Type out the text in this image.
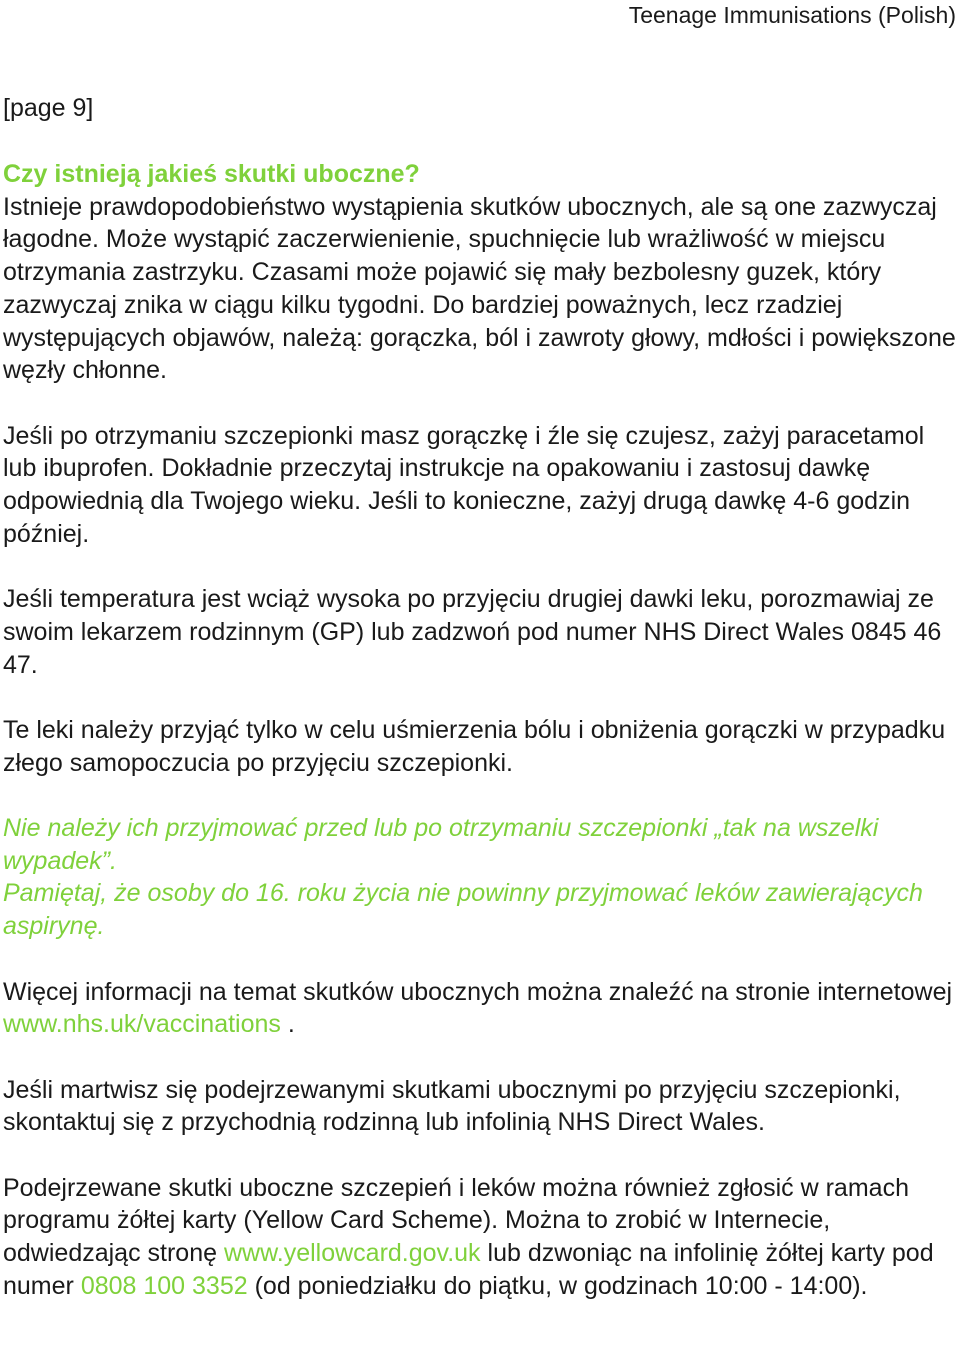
Teenage Immunisations (Polish)
[page 9]

Czy istnieją jakieś skutki uboczne?
Istnieje prawdopodobieństwo wystąpienia skutków ubocznych, ale są one zazwyczaj łagodne. Może wystąpić zaczerwienienie, spuchnięcie lub wrażliwość w miejscu otrzymania zastrzyku. Czasami może pojawić się mały bezbolesny guzek, który zazwyczaj znika w ciągu kilku tygodni. Do bardziej poważnych, lecz rzadziej występujących objawów, należą: gorączka, ból i zawroty głowy, mdłości i powiększone węzły chłonne.

Jeśli po otrzymaniu szczepionki masz gorączkę i źle się czujesz, zażyj paracetamol lub ibuprofen. Dokładnie przeczytaj instrukcje na opakowaniu i zastosuj dawkę odpowiednią dla Twojego wieku. Jeśli to konieczne, zażyj drugą dawkę 4-6 godzin później.

Jeśli temperatura jest wciąż wysoka po przyjęciu drugiej dawki leku, porozmawiaj ze swoim lekarzem rodzinnym (GP) lub zadzwoń pod numer NHS Direct Wales 0845 46 47.

Te leki należy przyjąć tylko w celu uśmierzenia bólu i obniżenia gorączki w przypadku złego samopoczucia po przyjęciu szczepionki.

Nie należy ich przyjmować przed lub po otrzymaniu szczepionki „tak na wszelki wypadek”.
Pamiętaj, że osoby do 16. roku życia nie powinny przyjmować leków zawierających aspirynę.

Więcej informacji na temat skutków ubocznych można znaleźć na stronie internetowej www.nhs.uk/vaccinations .

Jeśli martwisz się podejrzewanymi skutkami ubocznymi po przyjęciu szczepionki, skontaktuj się z przychodnią rodzinną lub infolinią NHS Direct Wales.

Podejrzewane skutki uboczne szczepień i leków można również zgłosić w ramach programu żółtej karty (Yellow Card Scheme). Można to zrobić w Internecie, odwiedzając stronę www.yellowcard.gov.uk lub dzwoniąc na infolinię żółtej karty pod numer 0808 100 3352 (od poniedziałku do piątku, w godzinach 10:00 - 14:00).
